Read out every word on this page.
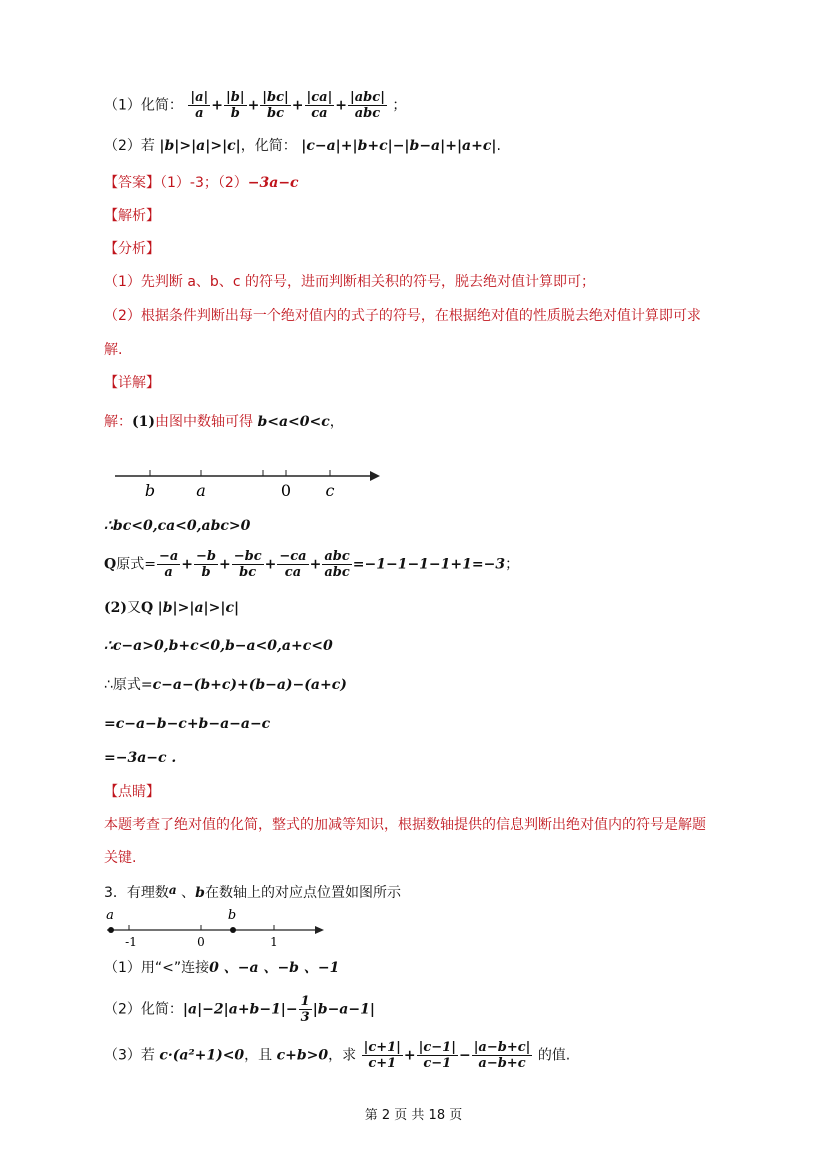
（1）化简： $\frac{|a|}{a} + \frac{|b|}{b} + \frac{|bc|}{bc} + \frac{|ca|}{ca} + \frac{\text{|abc|}}{\text{abc}}$ ；
（2）若 |b|>|a|>|c|，化简： |c−a|+|b+c|−|b−a|+|a+c|.
【答案】（1）-3；（2）−3a−c
【解析】
【分析】
（1）先判断 a、b、c 的符号，进而判断相关积的符号，脱去绝对值计算即可；
（2）根据条件判断出每一个绝对值内的式子的符号，在根据绝对值的性质脱去绝对值计算即可求
解.
【详解】
解：(1)由图中数轴可得 b<a<0<c，
b	a	0 c
∴bc<0,ca<0,abc>0
Q原式= $\frac{-a}{a} + \frac{-b}{b} + \frac{-bc}{bc} + \frac{-ca}{ca} + \frac{\text{abc}}{\text{abc}} =-1-1-1-1+1=-3$；
(2)又Q |b|>|a|>|c|
∴c−a>0,b+c<0,b−a<0,a+c<0
∴原式=c−a−(b+c)+(b−a)−(a+c)
=c−a−b−c+b−a−a−c
=−3a−c .
【点睛】
本题考查了绝对值的化简，整式的加减等知识，根据数轴提供的信息判断出绝对值内的符号是解题
关键.
3．有理数a 、b在数轴上的对应点位置如图所示
a	b
-1	0	1
（1）用“<”连接0 、−a 、−b 、−1
（2）化简：$|a|-2|a+b-1|- \frac{1}{3} |b-a-1|$
（3）若 c·(a²+1)<0，且 c+b>0，求 $\frac{|c+1|}{c+1} + \frac{|c-1|}{c-1} - \frac{|a-b+c|}{a-b+c}$ 的值.
第 2 页 共 18 页
